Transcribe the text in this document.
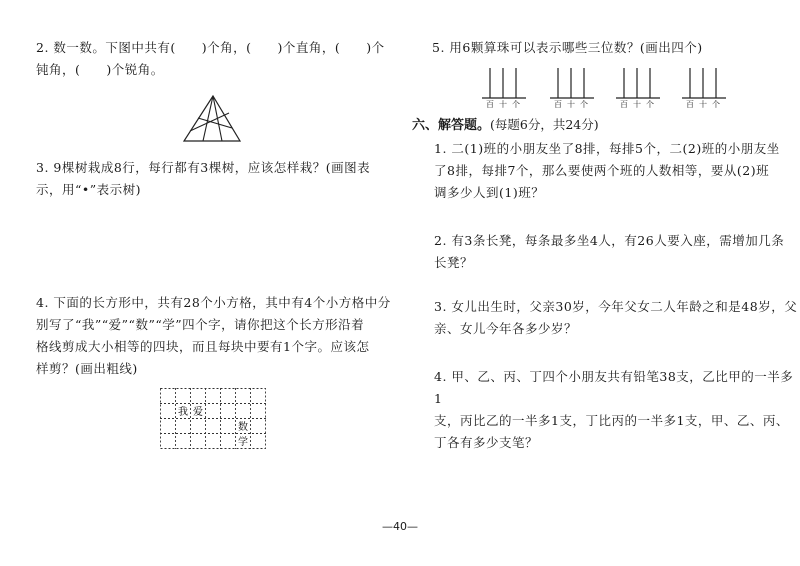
2. 数一数。下图中共有(　　)个角，(　　)个直角，(　　)个
钝角，(　　)个锐角。
3. 9棵树栽成8行，每行都有3棵树，应该怎样栽？(画图表
示，用“•”表示树)
4. 下面的长方形中，共有28个小方格，其中有4个小方格中分
别写了“我”“爱”“数”“学”四个字，请你把这个长方形沿着
格线剪成大小相等的四块，而且每块中要有1个字。应该怎
样剪？(画出粗线)
我 爱
数
学
5. 用6颗算珠可以表示哪些三位数？(画出四个)
百 十 个	百 十 个	百 十 个	百 十 个
六、解答题。(每题6分，共24分)
1. 二(1)班的小朋友坐了8排，每排5个，二(2)班的小朋友坐
了8排，每排7个，那么要使两个班的人数相等，要从(2)班
调多少人到(1)班？
2. 有3条长凳，每条最多坐4人，有26人要入座，需增加几条
长凳？
3. 女儿出生时，父亲30岁，今年父女二人年龄之和是48岁，父
亲、女儿今年各多少岁？
4. 甲、乙、丙、丁四个小朋友共有铅笔38支，乙比甲的一半多1
支，丙比乙的一半多1支，丁比丙的一半多1支，甲、乙、丙、
丁各有多少支笔？
—40—
